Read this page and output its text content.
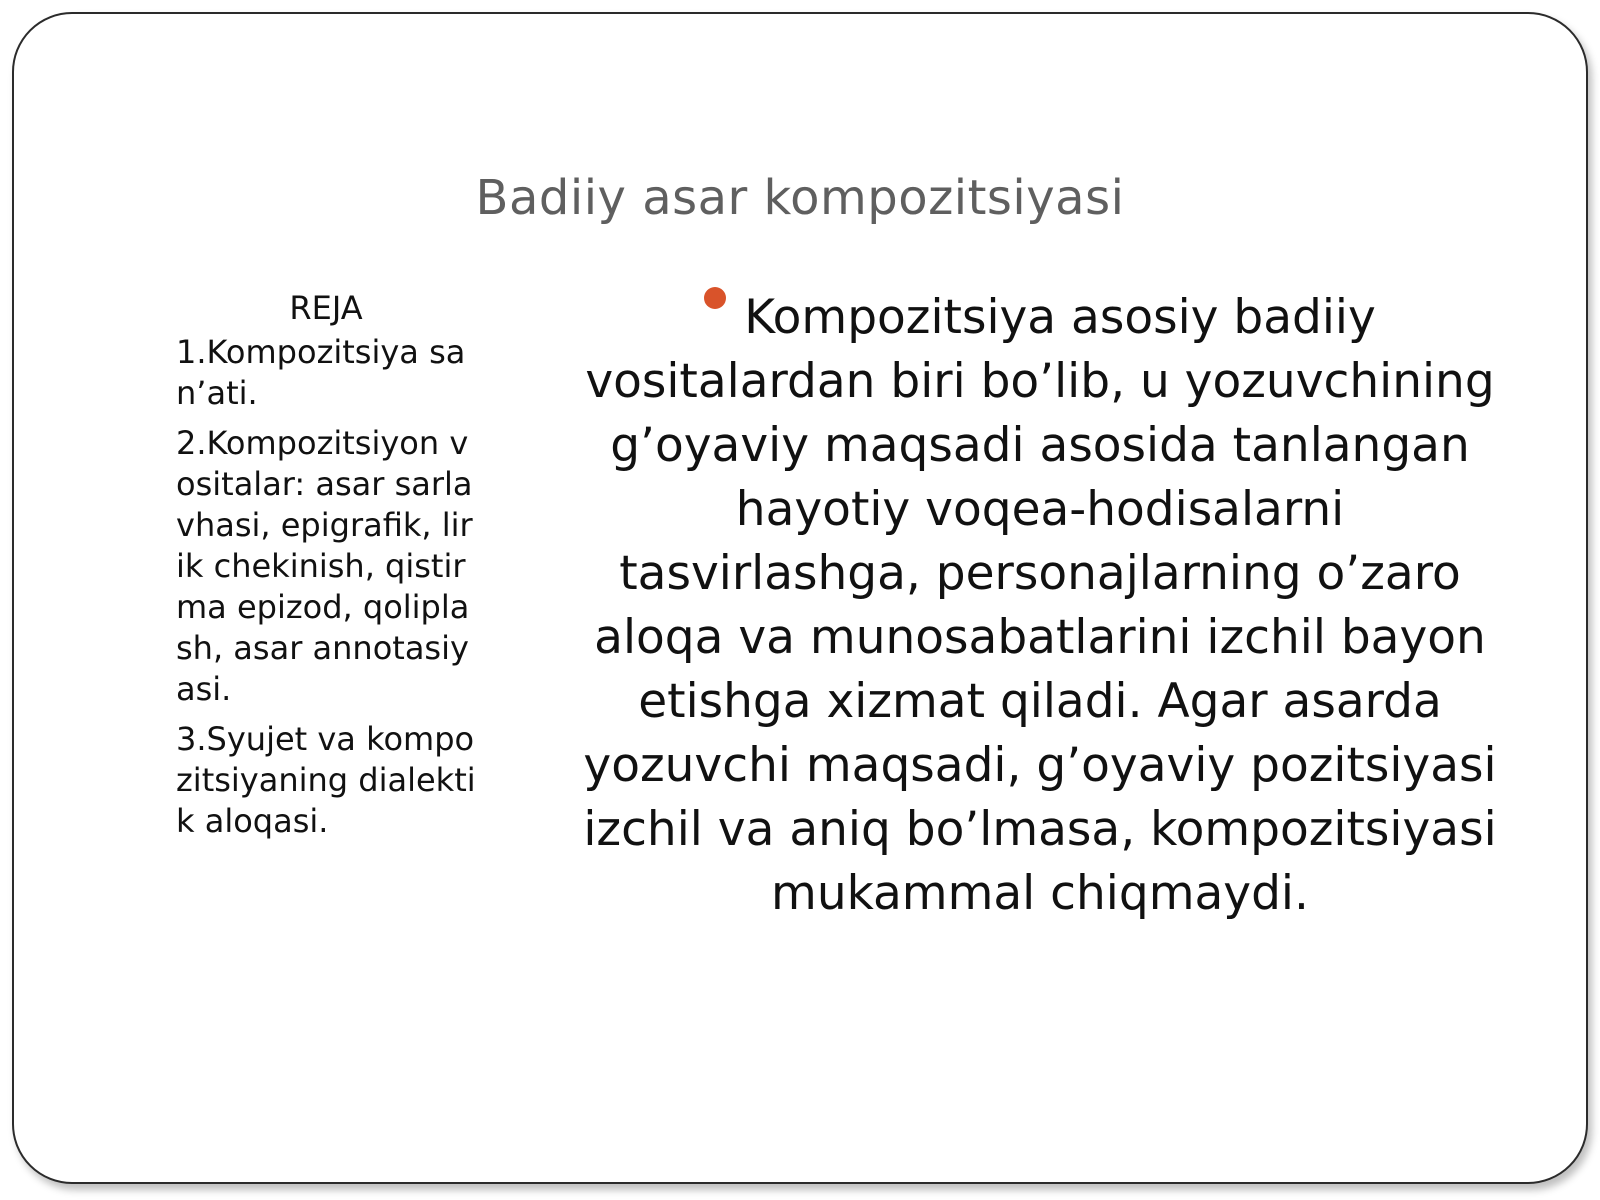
Badiiy asar kompozitsiyasi
REJA

1.Kompozitsiya san’ati.

2.Kompozitsiyon vositalar: asar sarlavhasi, epigrafik, lirik chekinish, qistirma epizod, qoliplash, asar annotasiyasi.

3.Syujet va kompozitsiyaning dialektik aloqasi.

Kompozitsiya asosiy badiiy vositalardan biri bo’lib, u yozuvchining g’oyaviy maqsadi asosida tanlangan hayotiy voqea-hodisalarni tasvirlashga, personajlarning o’zaro aloqa va munosabatlarini izchil bayon etishga xizmat qiladi. Agar asarda yozuvchi maqsadi, g’oyaviy pozitsiyasi izchil va aniq bo’lmasa, kompozitsiyasi mukammal chiqmaydi.
